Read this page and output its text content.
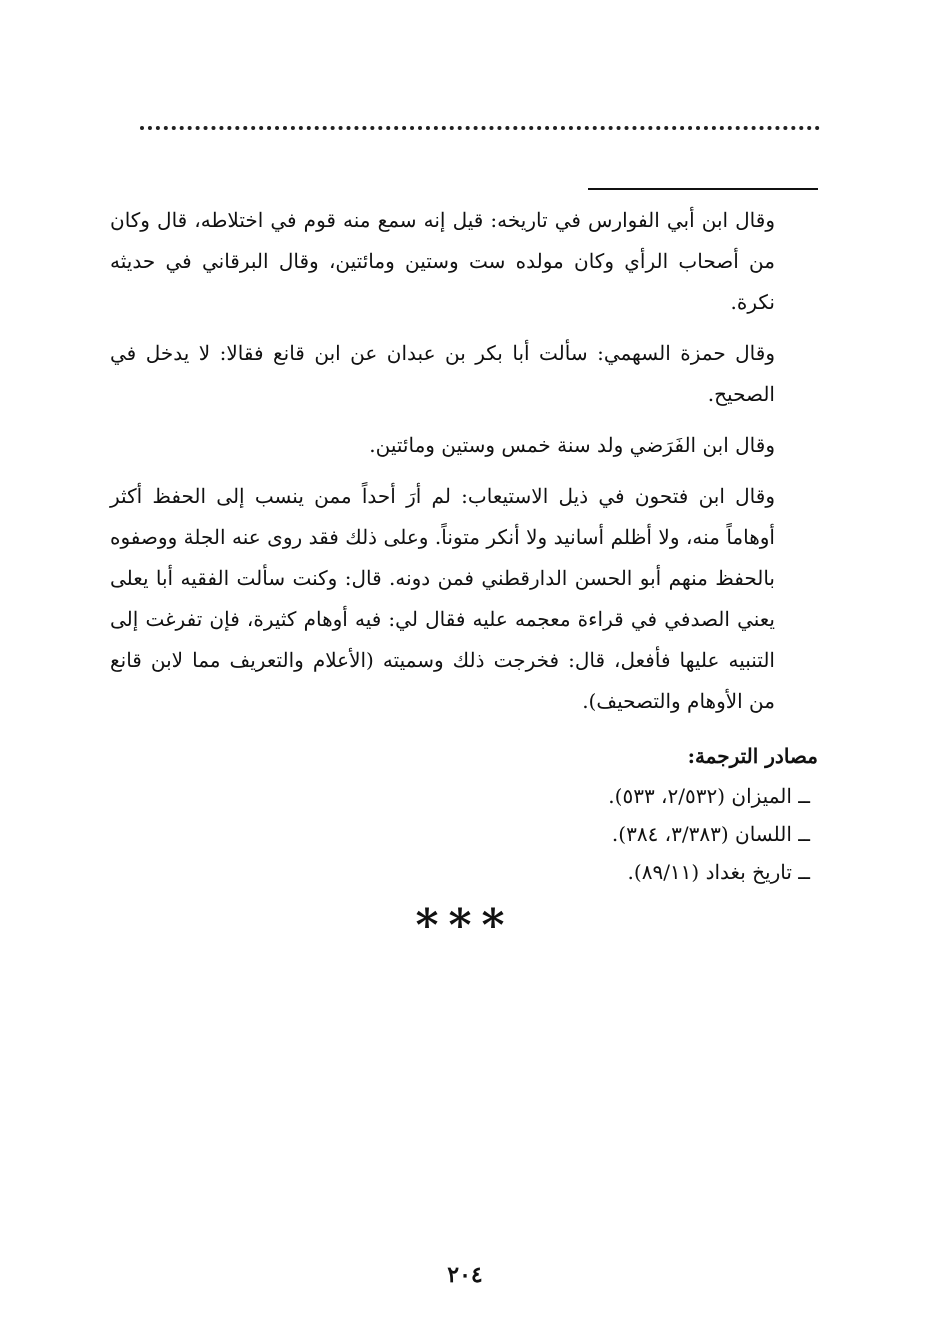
وقال ابن أبي الفوارس في تاريخه: قيل إنه سمع منه قوم في اختلاطه، قال وكان من أصحاب الرأي وكان مولده ست وستين ومائتين، وقال البرقاني في حديثه نكرة.

وقال حمزة السهمي: سألت أبا بكر بن عبدان عن ابن قانع فقالا: لا يدخل في الصحيح.

وقال ابن الفَرَضي ولد سنة خمس وستين ومائتين.

وقال ابن فتحون في ذيل الاستيعاب: لم أرَ أحداً ممن ينسب إلى الحفظ أكثر أوهاماً منه، ولا أظلم أسانيد ولا أنكر متوناً. وعلى ذلك فقد روى عنه الجلة ووصفوه بالحفظ منهم أبو الحسن الدارقطني فمن دونه. قال: وكنت سألت الفقيه أبا يعلى يعني الصدفي في قراءة معجمه عليه فقال لي: فيه أوهام كثيرة، فإن تفرغت إلى التنبيه عليها فأفعل، قال: فخرجت ذلك وسميته (الأعلام والتعريف مما لابن قانع من الأوهام والتصحيف).

مصادر الترجمة:
ــ الميزان (٢/٥٣٢، ٥٣٣).
ــ اللسان (٣/٣٨٣، ٣٨٤).
ــ تاريخ بغداد (٨٩/١١).
***
٢٠٤
